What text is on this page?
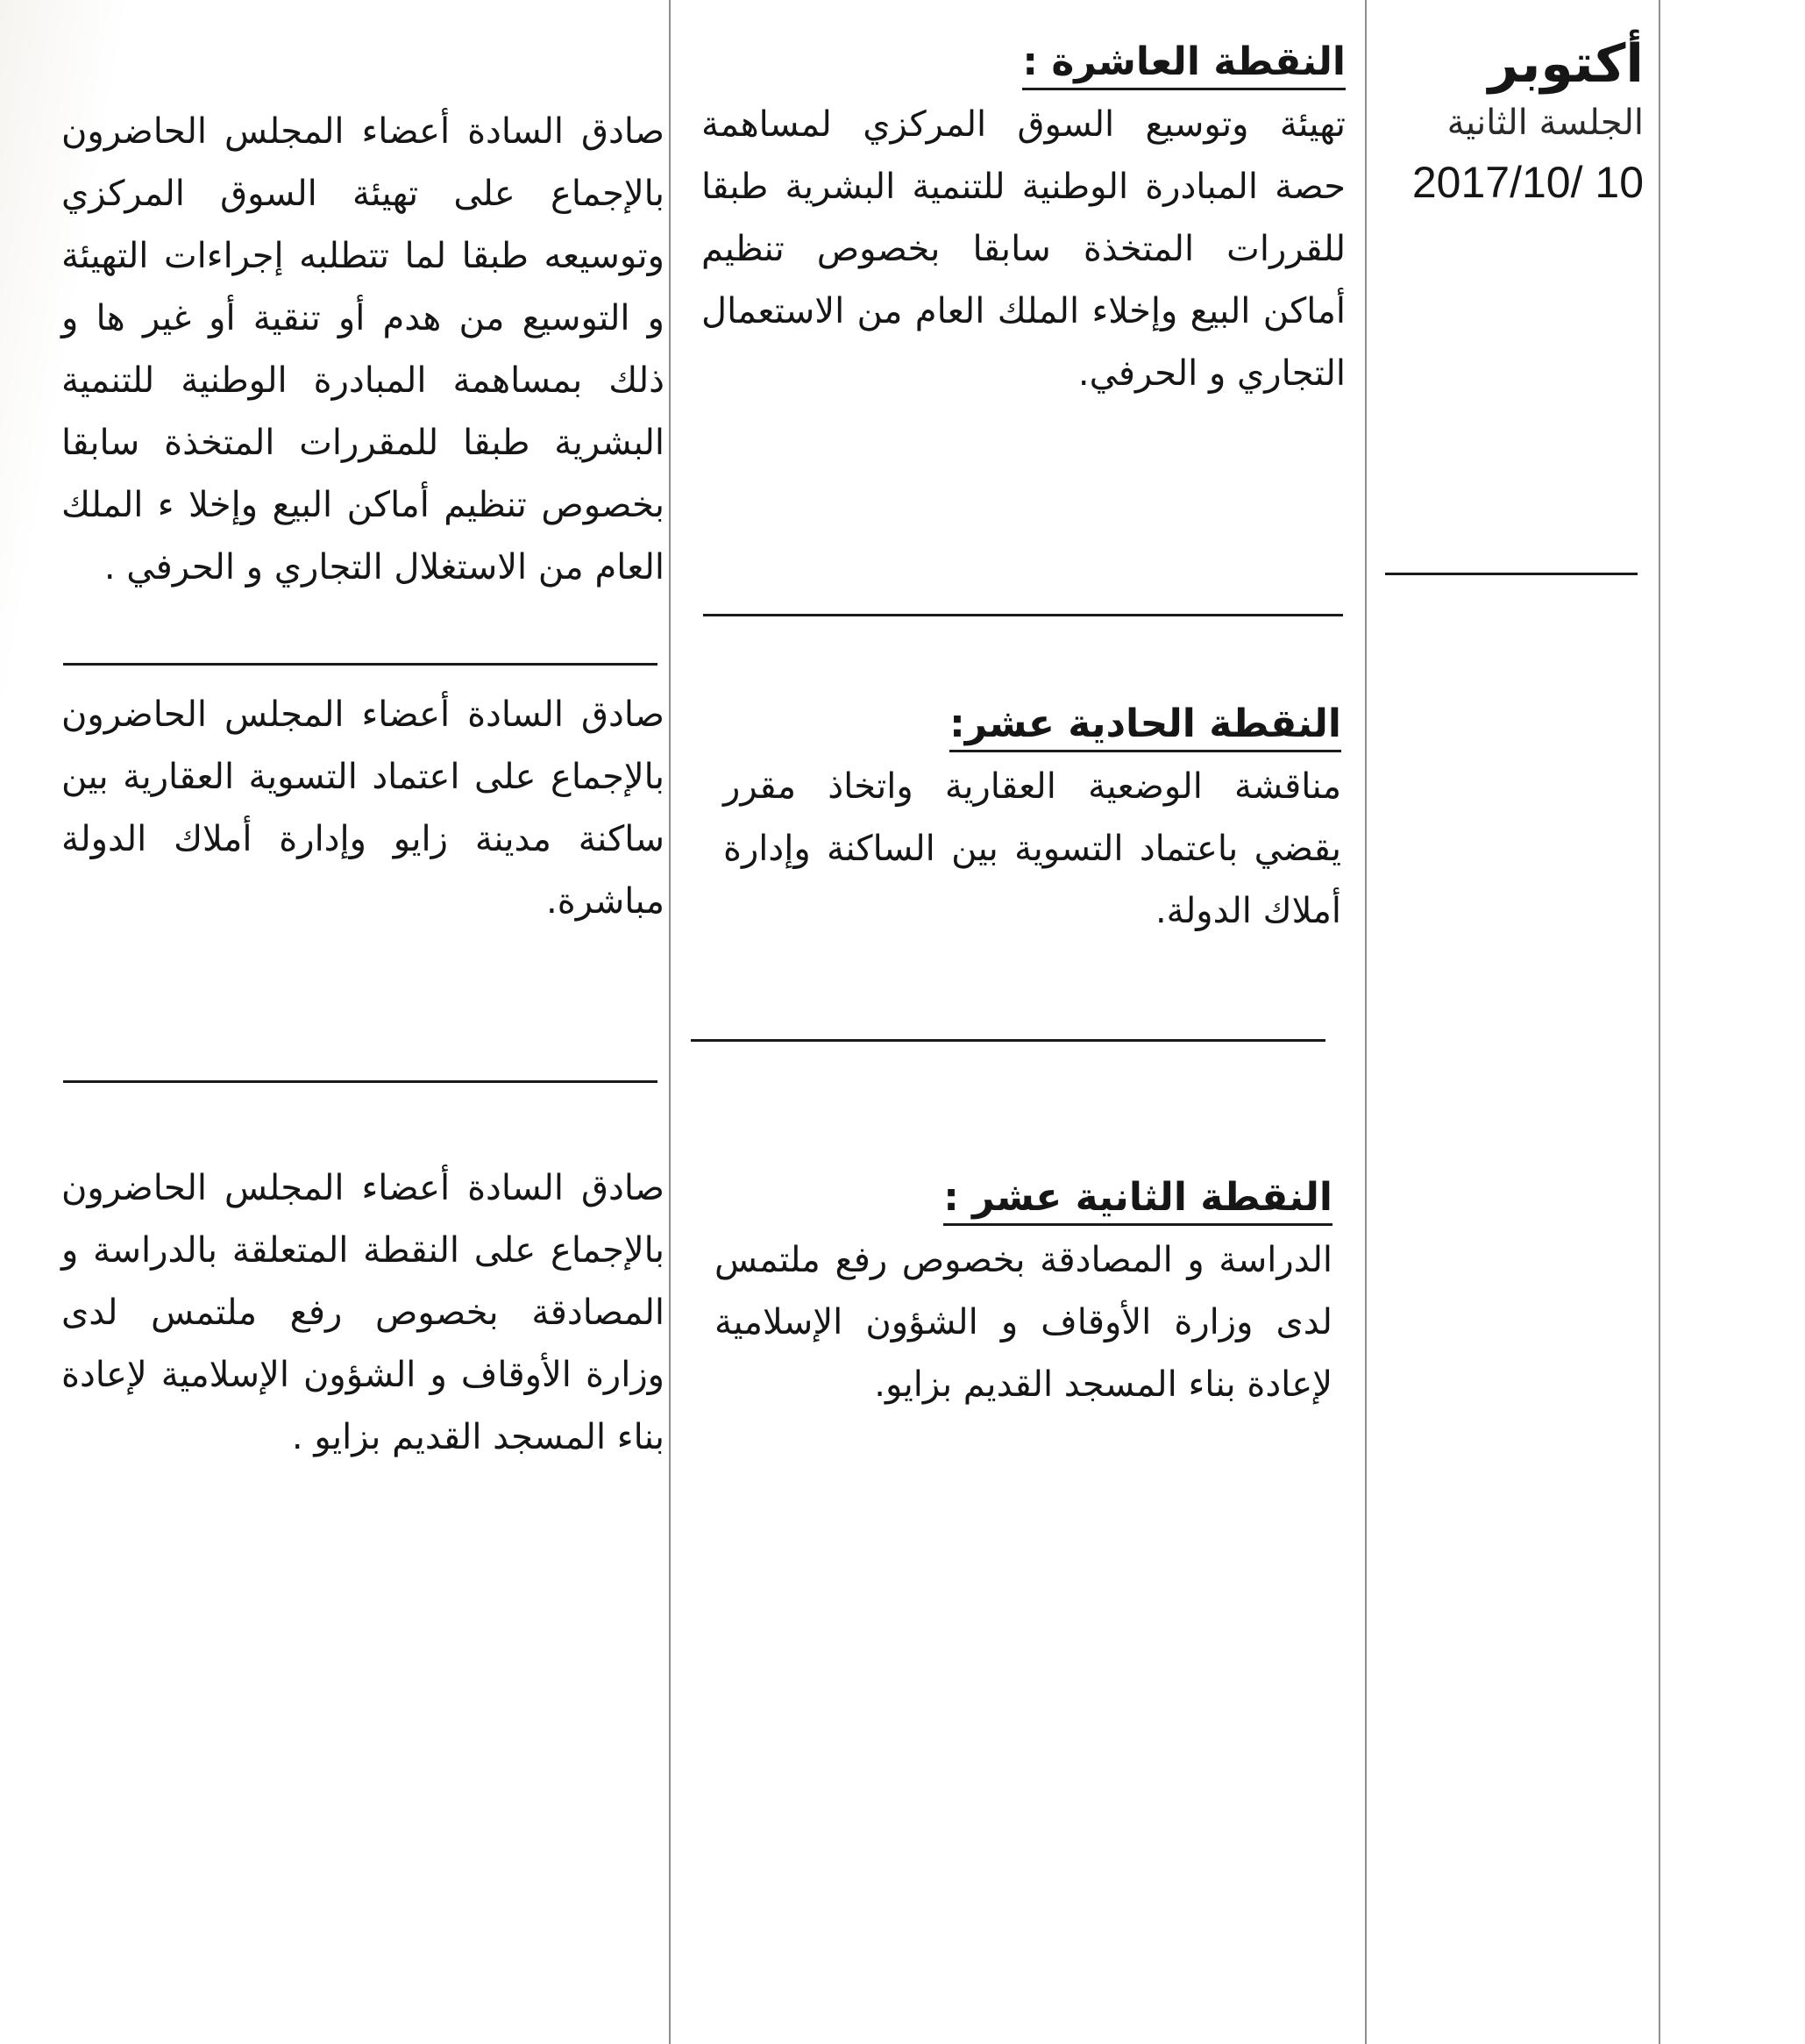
أكتوبر
الجلسة الثانية
2017/10/ 10
النقطة العاشرة :

تهيئة وتوسيع السوق المركزي لمساهمة حصة المبادرة الوطنية للتنمية البشرية طبقا للقررات المتخذة سابقا بخصوص تنظيم أماكن البيع وإخلاء الملك العام من الاستعمال التجاري و الحرفي.

صادق السادة أعضاء المجلس الحاضرون بالإجماع على تهيئة السوق المركزي وتوسيعه طبقا لما تتطلبه إجراءات التهيئة و التوسيع من هدم أو تنقية أو غير ها و ذلك بمساهمة المبادرة الوطنية للتنمية البشرية طبقا للمقررات المتخذة سابقا بخصوص تنظيم أماكن البيع وإخلا ء الملك العام من الاستغلال التجاري و الحرفي .

النقطة الحادية عشر:

مناقشة الوضعية العقارية واتخاذ مقرر يقضي باعتماد التسوية بين الساكنة وإدارة أملاك الدولة.

صادق السادة أعضاء المجلس الحاضرون بالإجماع على اعتماد التسوية العقارية بين ساكنة مدينة زايو وإدارة أملاك الدولة مباشرة.

النقطة الثانية عشر :

الدراسة و المصادقة بخصوص رفع ملتمس لدى وزارة الأوقاف و الشؤون الإسلامية لإعادة بناء المسجد القديم بزايو.

صادق السادة أعضاء المجلس الحاضرون بالإجماع على النقطة المتعلقة بالدراسة و المصادقة بخصوص رفع ملتمس لدى وزارة الأوقاف و الشؤون الإسلامية لإعادة بناء المسجد القديم بزايو .
